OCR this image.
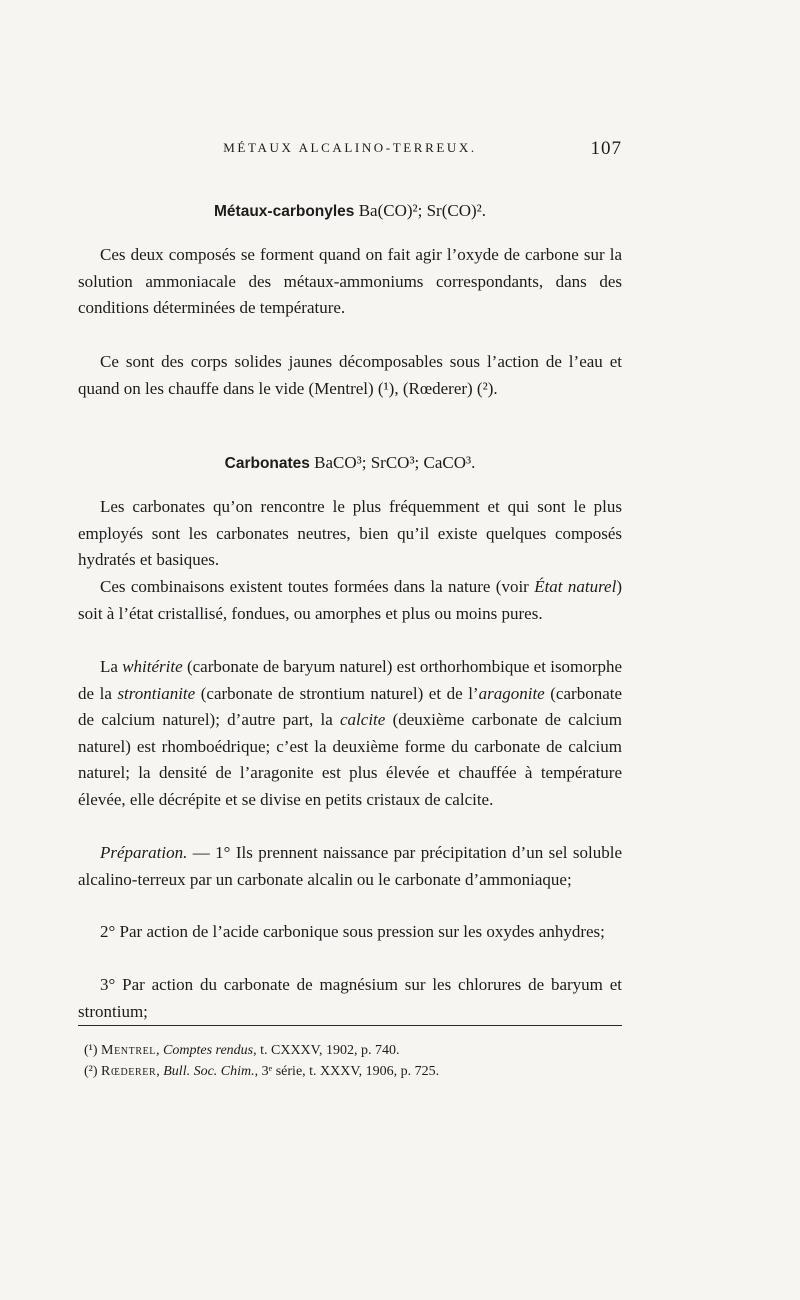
MÉTAUX ALCALINO-TERREUX.	107
Métaux-carbonyles Ba(CO)²; Sr(CO)².

Ces deux composés se forment quand on fait agir l’oxyde de carbone sur la solution ammoniacale des métaux-ammoniums correspondants, dans des conditions déterminées de température.

Ce sont des corps solides jaunes décomposables sous l’action de l’eau et quand on les chauffe dans le vide (Mentrel) (¹), (Rœderer) (²).

Carbonates BaCO³; SrCO³; CaCO³.

Les carbonates qu’on rencontre le plus fréquemment et qui sont le plus employés sont les carbonates neutres, bien qu’il existe quelques composés hydratés et basiques.

Ces combinaisons existent toutes formées dans la nature (voir État naturel) soit à l’état cristallisé, fondues, ou amorphes et plus ou moins pures.

La whitérite (carbonate de baryum naturel) est orthorhombique et isomorphe de la strontianite (carbonate de strontium naturel) et de l’aragonite (carbonate de calcium naturel); d’autre part, la calcite (deuxième carbonate de calcium naturel) est rhomboédrique; c’est la deuxième forme du carbonate de calcium naturel; la densité de l’aragonite est plus élevée et chauffée à température élevée, elle décrépite et se divise en petits cristaux de calcite.

Préparation. — 1° Ils prennent naissance par précipitation d’un sel soluble alcalino-terreux par un carbonate alcalin ou le carbonate d’ammoniaque;

2° Par action de l’acide carbonique sous pression sur les oxydes anhydres;

3° Par action du carbonate de magnésium sur les chlorures de baryum et strontium;

(¹) Mentrel, Comptes rendus, t. CXXXV, 1902, p. 740.

(²) Rœderer, Bull. Soc. Chim., 3ᵉ série, t. XXXV, 1906, p. 725.
